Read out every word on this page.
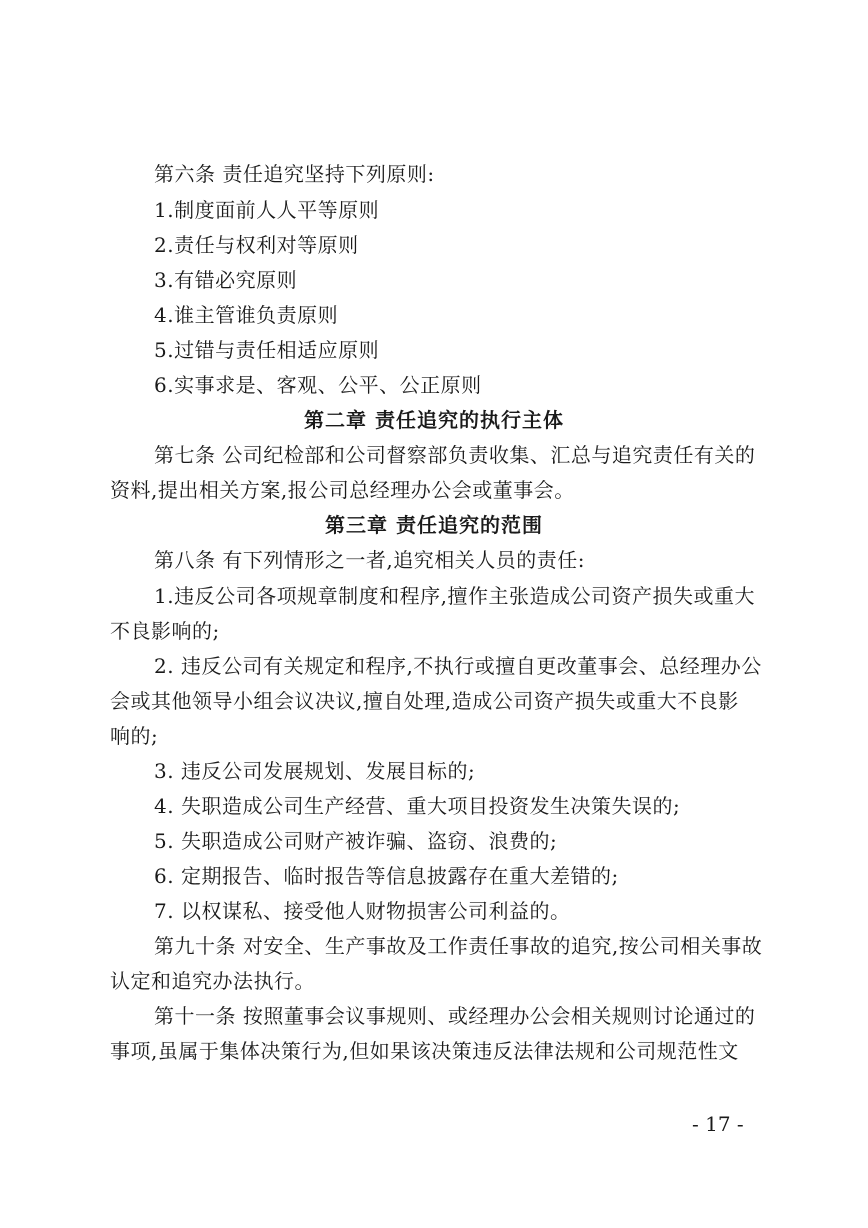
第六条 责任追究坚持下列原则:
1.制度面前人人平等原则
2.责任与权利对等原则
3.有错必究原则
4.谁主管谁负责原则
5.过错与责任相适应原则
6.实事求是、客观、公平、公正原则
第二章 责任追究的执行主体
第七条 公司纪检部和公司督察部负责收集、汇总与追究责任有关的
资料,提出相关方案,报公司总经理办公会或董事会。
第三章 责任追究的范围
第八条 有下列情形之一者,追究相关人员的责任:
1.违反公司各项规章制度和程序,擅作主张造成公司资产损失或重大
不良影响的;
2. 违反公司有关规定和程序,不执行或擅自更改董事会、总经理办公
会或其他领导小组会议决议,擅自处理,造成公司资产损失或重大不良影
响的;
3. 违反公司发展规划、发展目标的;
4. 失职造成公司生产经营、重大项目投资发生决策失误的;
5. 失职造成公司财产被诈骗、盗窃、浪费的;
6. 定期报告、临时报告等信息披露存在重大差错的;
7. 以权谋私、接受他人财物损害公司利益的。
第九十条 对安全、生产事故及工作责任事故的追究,按公司相关事故
认定和追究办法执行。
第十一条 按照董事会议事规则、或经理办公会相关规则讨论通过的
事项,虽属于集体决策行为,但如果该决策违反法律法规和公司规范性文
- 17 -
